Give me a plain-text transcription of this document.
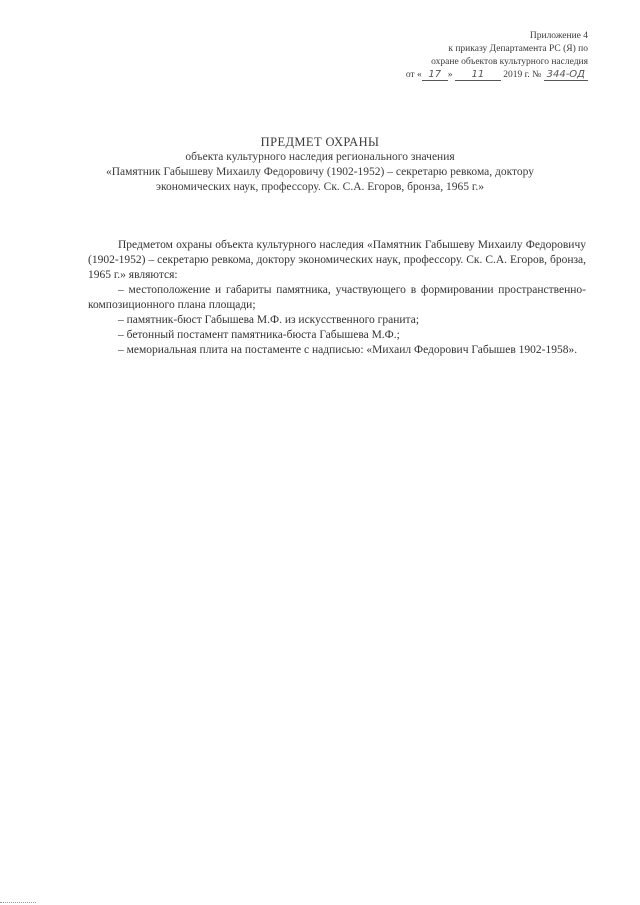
Приложение 4
к приказу Департамента РС (Я) по
охране объектов культурного наследия
от « 17 » 11 2019 г. № 344-ОД
ПРЕДМЕТ ОХРАНЫ
объекта культурного наследия регионального значения
«Памятник Габышеву Михаилу Федоровичу (1902-1952) – секретарю ревкома, доктору
экономических наук, профессору. Ск. С.А. Егоров, бронза, 1965 г.»

Предметом охраны объекта культурного наследия «Памятник Габышеву Михаилу Федоровичу (1902-1952) – секретарю ревкома, доктору экономических наук, профессору. Ск. С.А. Егоров, бронза, 1965 г.» являются:

– местоположение и габариты памятника, участвующего в формировании пространственно-композиционного плана площади;

– памятник-бюст Габышева М.Ф. из искусственного гранита;

– бетонный постамент памятника-бюста Габышева М.Ф.;

– мемориальная плита на постаменте с надписью: «Михаил Федорович Габышев 1902-1958».
